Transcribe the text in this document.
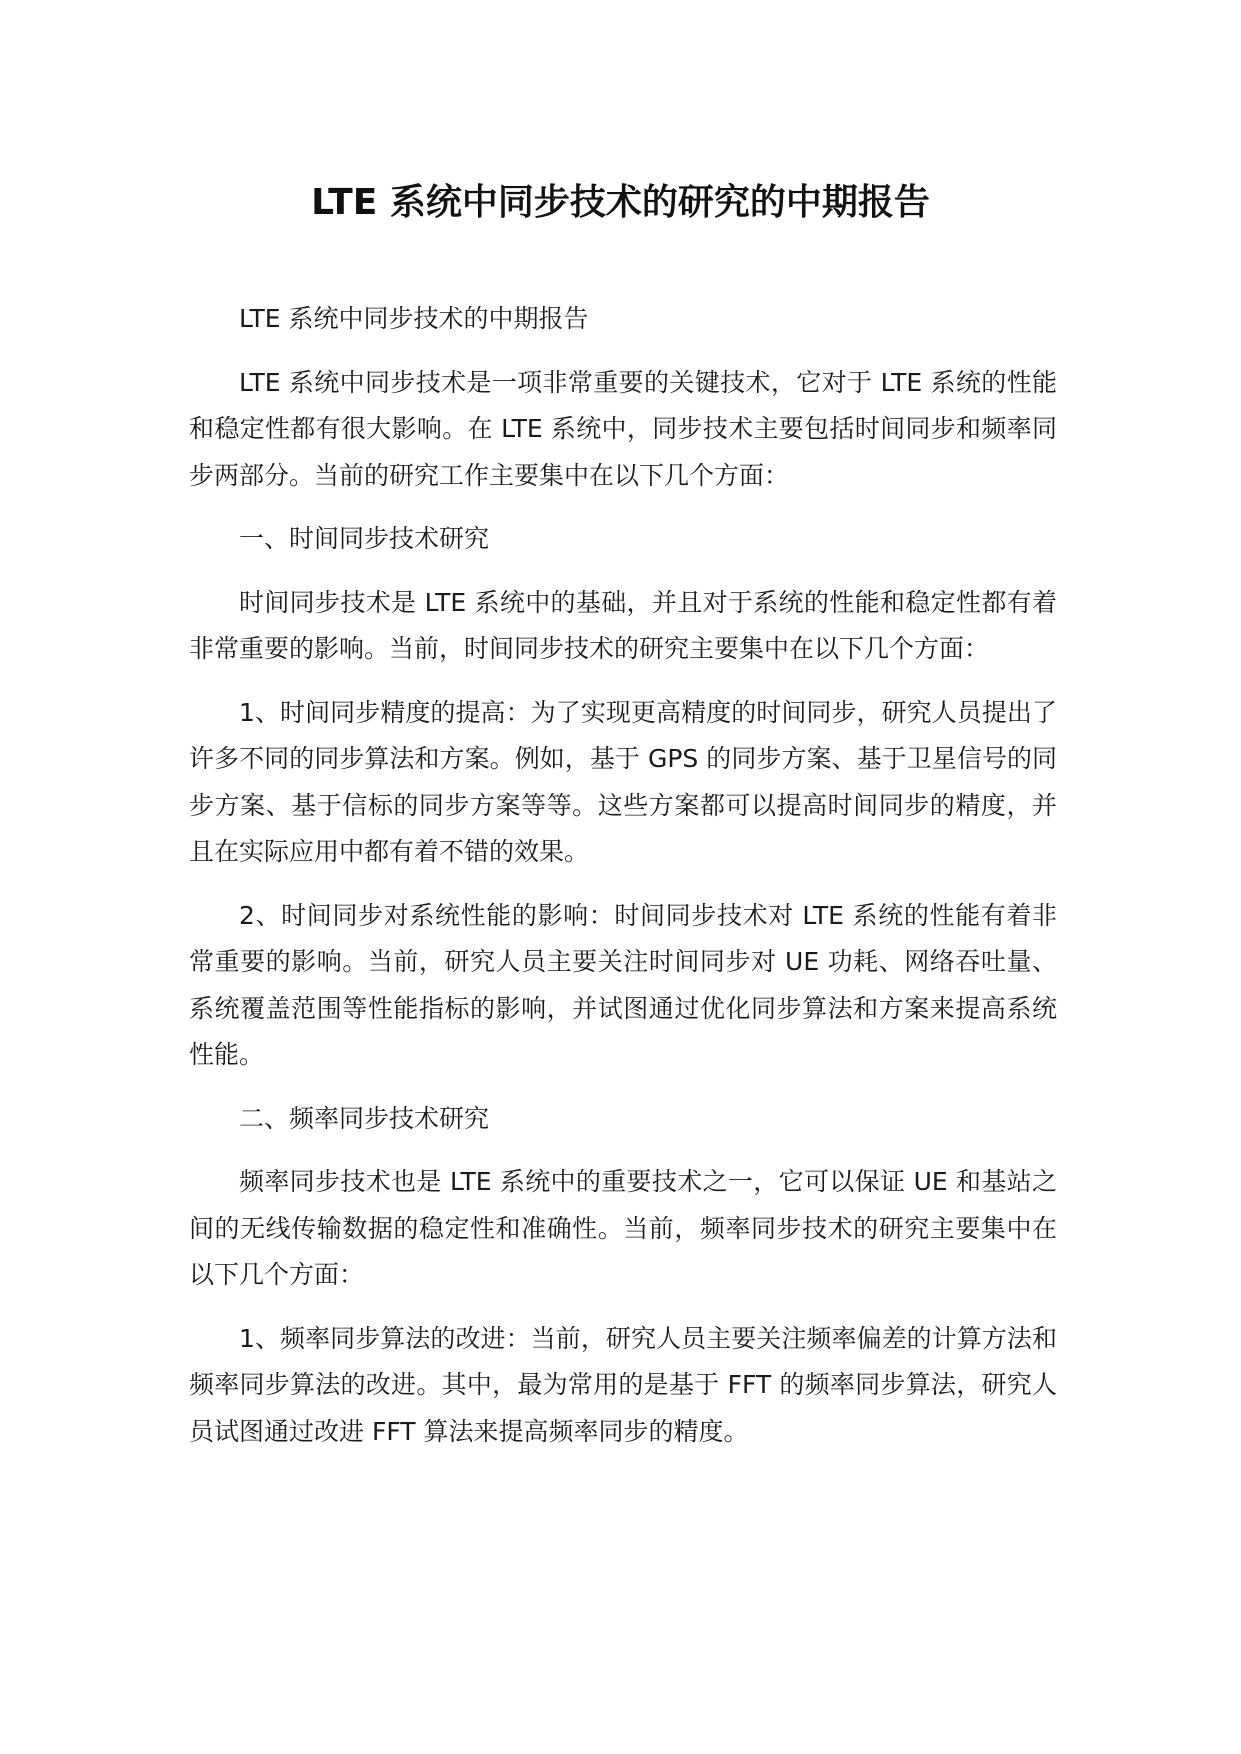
LTE 系统中同步技术的研究的中期报告

LTE 系统中同步技术的中期报告

LTE 系统中同步技术是一项非常重要的关键技术，它对于 LTE 系统的性能和稳定性都有很大影响。在 LTE 系统中，同步技术主要包括时间同步和频率同步两部分。当前的研究工作主要集中在以下几个方面：

一、时间同步技术研究

时间同步技术是 LTE 系统中的基础，并且对于系统的性能和稳定性都有着非常重要的影响。当前，时间同步技术的研究主要集中在以下几个方面：

1、时间同步精度的提高：为了实现更高精度的时间同步，研究人员提出了许多不同的同步算法和方案。例如，基于 GPS 的同步方案、基于卫星信号的同步方案、基于信标的同步方案等等。这些方案都可以提高时间同步的精度，并且在实际应用中都有着不错的效果。

2、时间同步对系统性能的影响：时间同步技术对 LTE 系统的性能有着非常重要的影响。当前，研究人员主要关注时间同步对 UE 功耗、网络吞吐量、系统覆盖范围等性能指标的影响，并试图通过优化同步算法和方案来提高系统性能。

二、频率同步技术研究

频率同步技术也是 LTE 系统中的重要技术之一，它可以保证 UE 和基站之间的无线传输数据的稳定性和准确性。当前，频率同步技术的研究主要集中在以下几个方面：

1、频率同步算法的改进：当前，研究人员主要关注频率偏差的计算方法和频率同步算法的改进。其中，最为常用的是基于 FFT 的频率同步算法，研究人员试图通过改进 FFT 算法来提高频率同步的精度。
